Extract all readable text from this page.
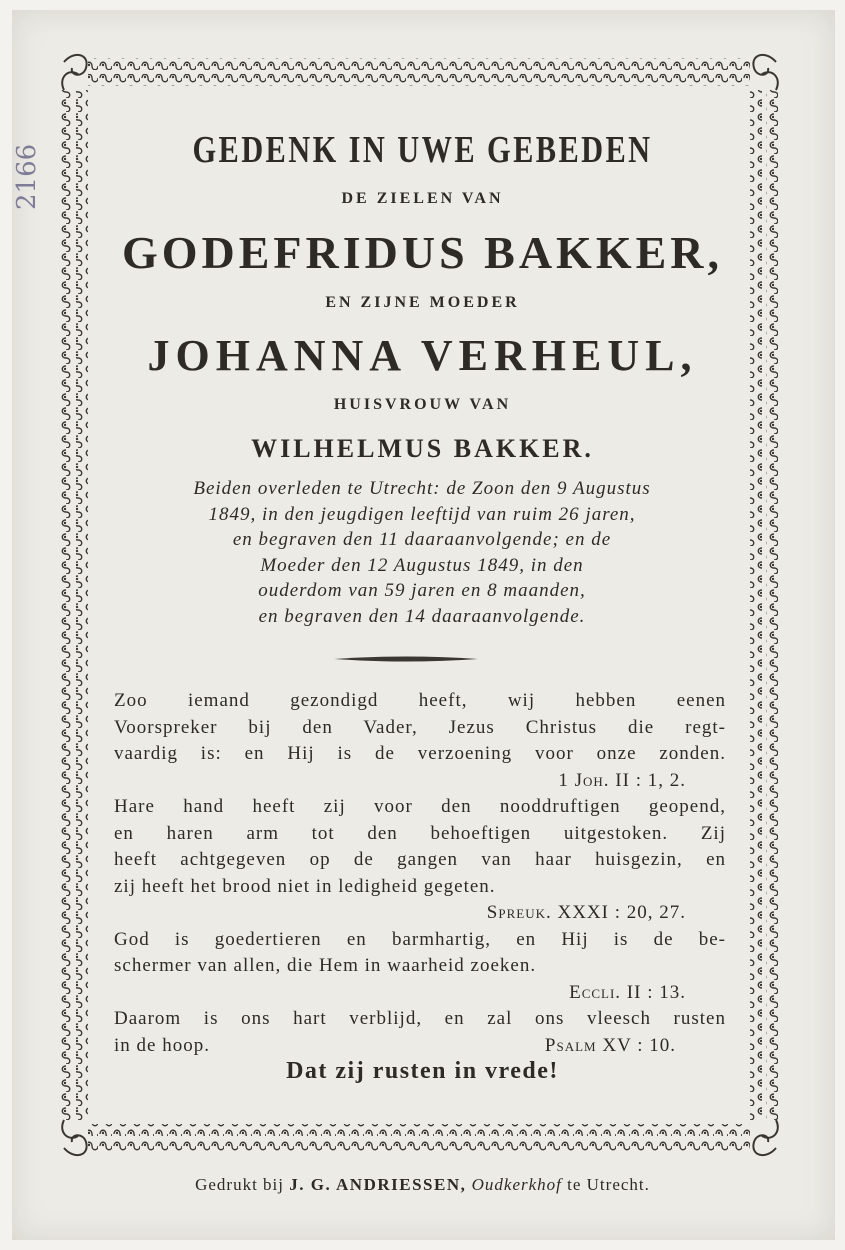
2166	GEDENK IN UWE GEBEDEN
DE ZIELEN VAN
GODEFRIDUS BAKKER,
EN ZIJNE MOEDER
JOHANNA VERHEUL,
HUISVROUW VAN
WILHELMUS BAKKER.

Beiden overleden te Utrecht: de Zoon den 9 Augustus

1849, in den jeugdigen leeftijd van ruim 26 jaren,

en begraven den 11 daaraanvolgende; en de

Moeder den 12 Augustus 1849, in den

ouderdom van 59 jaren en 8 maanden,

en begraven den 14 daaraanvolgende.

Zoo iemand gezondigd heeft, wij hebben eenen
Voorspreker bij den Vader, Jezus Christus die regt-
vaardig is: en Hij is de verzoening voor onze zonden.
1 Joh. II : 1, 2.
Hare hand heeft zij voor den nooddruftigen geopend,
en haren arm tot den behoeftigen uitgestoken. Zij
heeft achtgegeven op de gangen van haar huisgezin, en
zij heeft het brood niet in ledigheid gegeten.
Spreuk. XXXI : 20, 27.
God is goedertieren en barmhartig, en Hij is de be-
schermer van allen, die Hem in waarheid zoeken.
Eccli. II : 13.
Daarom is ons hart verblijd, en zal ons vleesch rusten
in de hoop.	Psalm XV : 10.
Dat zij rusten in vrede!
Gedrukt bij J. G. ANDRIESSEN, Oudkerkhof te Utrecht.
